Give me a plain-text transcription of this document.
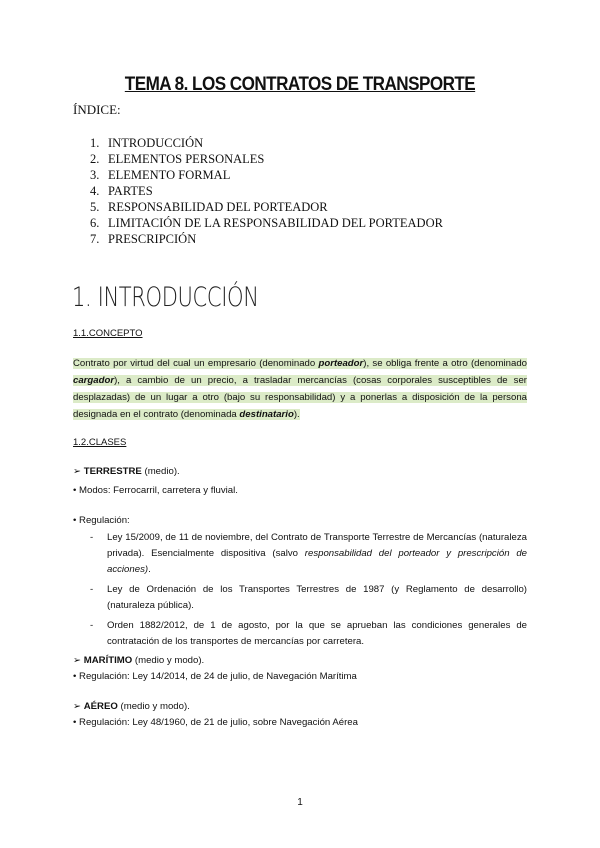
TEMA 8. LOS CONTRATOS DE TRANSPORTE
ÍNDICE:
1. INTRODUCCIÓN
2. ELEMENTOS PERSONALES
3. ELEMENTO FORMAL
4. PARTES
5. RESPONSABILIDAD DEL PORTEADOR
6. LIMITACIÓN DE LA RESPONSABILIDAD DEL PORTEADOR
7. PRESCRIPCIÓN
1. INTRODUCCIÓN
1.1.CONCEPTO
Contrato por virtud del cual un empresario (denominado porteador), se obliga frente a otro (denominado cargador), a cambio de un precio, a trasladar mercancías (cosas corporales susceptibles de ser desplazadas) de un lugar a otro (bajo su responsabilidad) y a ponerlas a disposición de la persona designada en el contrato (denominada destinatario).
1.2.CLASES
➢ TERRESTRE (medio).
• Modos: Ferrocarril, carretera y fluvial.
• Regulación:
- Ley 15/2009, de 11 de noviembre, del Contrato de Transporte Terrestre de Mercancías (naturaleza privada). Esencialmente dispositiva (salvo responsabilidad del porteador y prescripción de acciones).
- Ley de Ordenación de los Transportes Terrestres de 1987 (y Reglamento de desarrollo) (naturaleza pública).
- Orden 1882/2012, de 1 de agosto, por la que se aprueban las condiciones generales de contratación de los transportes de mercancías por carretera.
➢ MARÍTIMO (medio y modo).
• Regulación: Ley 14/2014, de 24 de julio, de Navegación Marítima
➢ AÉREO (medio y modo).
• Regulación: Ley 48/1960, de 21 de julio, sobre Navegación Aérea
1
